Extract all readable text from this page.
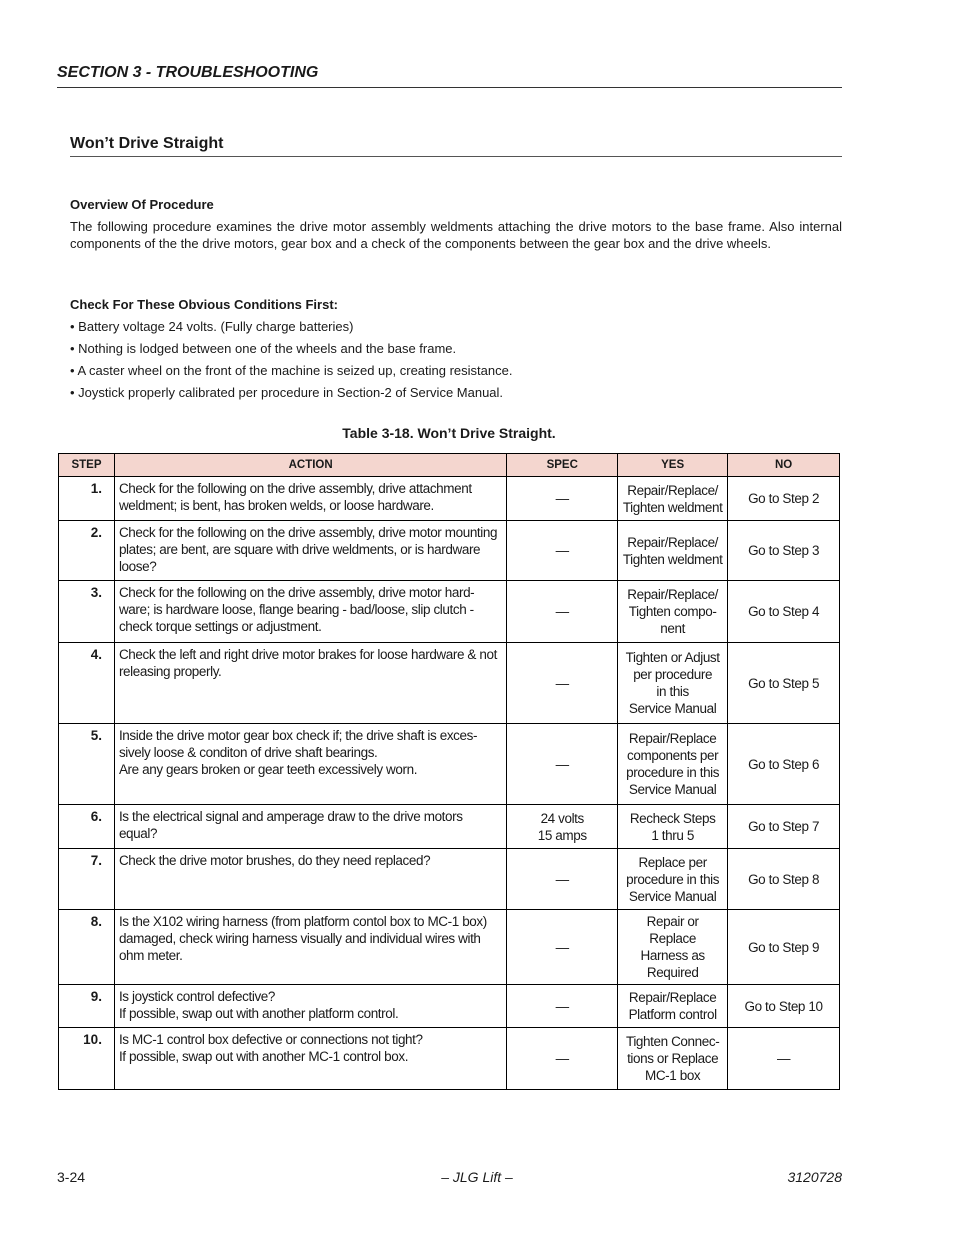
SECTION 3 - TROUBLESHOOTING
Won’t Drive Straight
Overview Of Procedure
The following procedure examines the drive motor assembly weldments attaching the drive motors to the base frame. Also internal components of the the drive motors, gear box and a check of the components between the gear box and the drive wheels.
Check For These Obvious Conditions First:
• Battery voltage 24 volts. (Fully charge batteries)
• Nothing is lodged between one of the wheels and the base frame.
• A caster wheel on the front of the machine is seized up, creating resistance.
• Joystick properly calibrated per procedure in Section-2 of Service Manual.
Table 3-18. Won’t Drive Straight.
STEP	ACTION	SPEC	YES	NO
1.	Check for the following on the drive assembly, drive attachment weldment; is bent, has broken welds, or loose hardware.	—	Repair/Replace/
Tighten weldment	Go to Step 2
2.	Check for the following on the drive assembly, drive motor mounting plates; are bent, are square with drive weldments, or is hardware loose?	—	Repair/Replace/
Tighten weldment	Go to Step 3
3.	Check for the following on the drive assembly, drive motor hard-
ware; is hardware loose, flange bearing - bad/loose, slip clutch -
check torque settings or adjustment.	—	Repair/Replace/
Tighten compo-
nent	Go to Step 4
4.	Check the left and right drive motor brakes for loose hardware & not releasing properly.	—	Tighten or Adjust
per procedure
in this
Service Manual	Go to Step 5
5.	Inside the drive motor gear box check if; the drive shaft is exces-
sively loose & conditon of drive shaft bearings.
Are any gears broken or gear teeth excessively worn.	—	Repair/Replace
components per
procedure in this
Service Manual	Go to Step 6
6.	Is the electrical signal and amperage draw to the drive motors equal?	24 volts
15 amps	Recheck Steps
1 thru 5	Go to Step 7
7.	Check the drive motor brushes, do they need replaced?	—	Replace per
procedure in this
Service Manual	Go to Step 8
8.	Is the X102 wiring harness (from platform contol box to MC-1 box) damaged, check wiring harness visually and individual wires with ohm meter.	—	Repair or Replace
Harness as
Required	Go to Step 9
9.	Is joystick control defective?
If possible, swap out with another platform control.	—	Repair/Replace
Platform control	Go to Step 10
10.	Is MC-1 control box defective or connections not tight?
If possible, swap out with another MC-1 control box.	—	Tighten Connec-
tions or Replace
MC-1 box	—
3-24	– JLG Lift –	3120728
